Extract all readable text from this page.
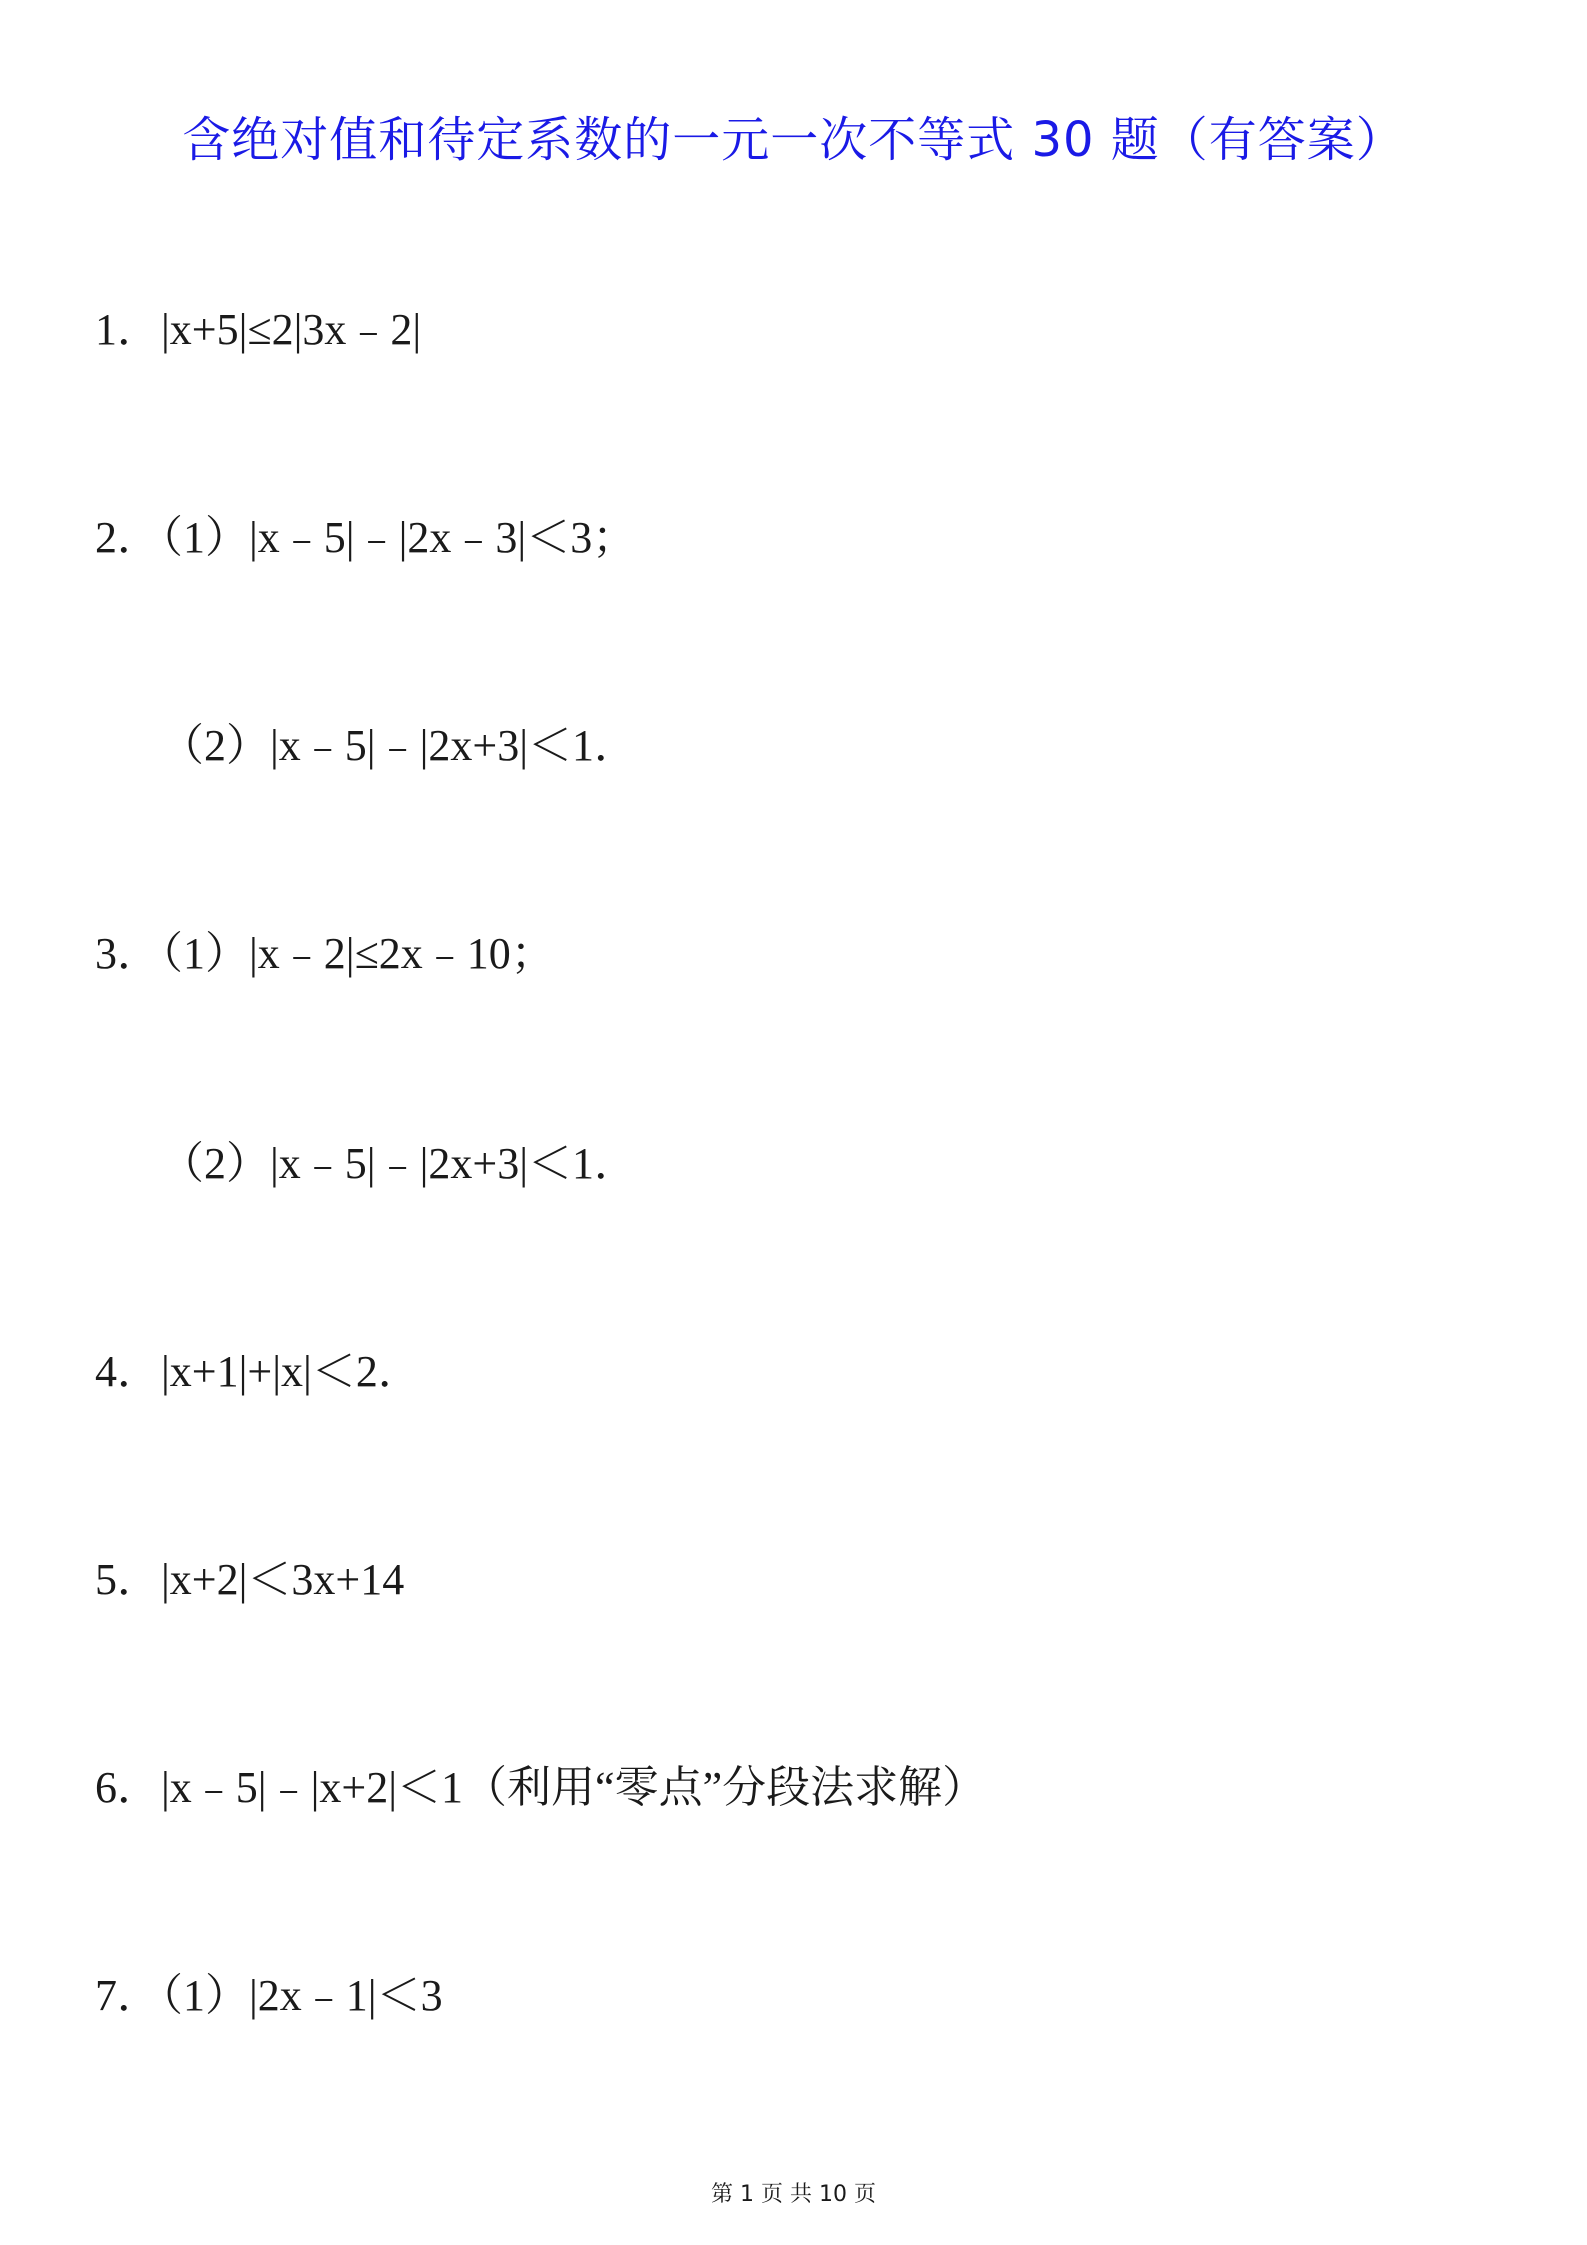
含绝对值和待定系数的一元一次不等式 30 题（有答案）
1．|x+5|≤2|3x﹣2|
2．（1）|x﹣5|﹣|2x﹣3|＜3；
（2）|x﹣5|﹣|2x+3|＜1．
3．（1）|x﹣2|≤2x﹣10；
（2）|x﹣5|﹣|2x+3|＜1．
4．|x+1|+|x|＜2．
5．|x+2|＜3x+14
6．|x﹣5|﹣|x+2|＜1（利用“零点”分段法求解）
7．（1）|2x﹣1|＜3
第 1 页 共 10 页
